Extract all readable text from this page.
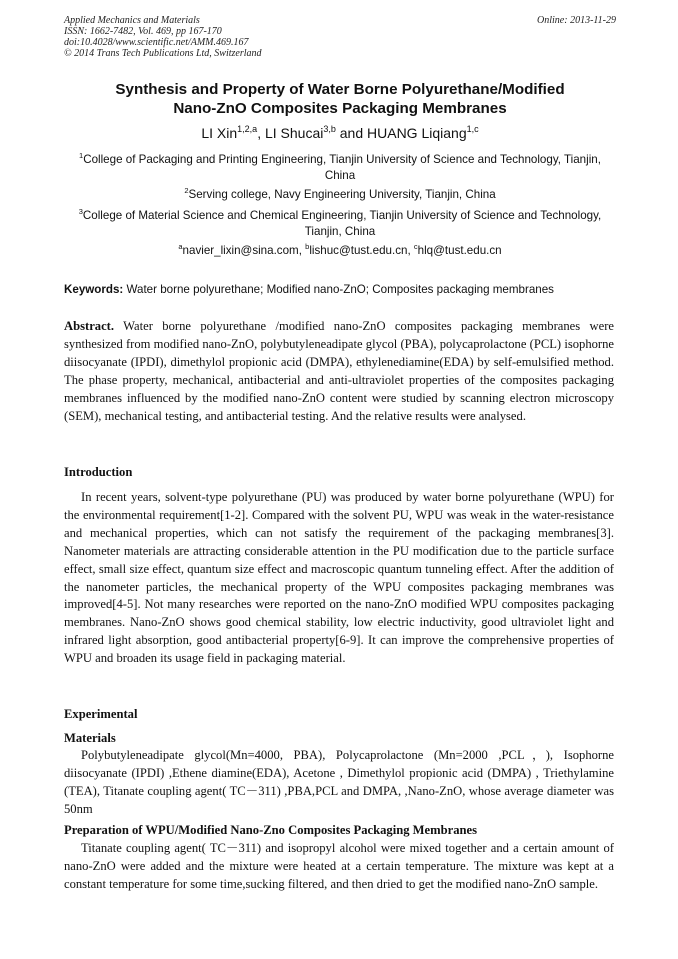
Applied Mechanics and Materials
ISSN: 1662-7482, Vol. 469, pp 167-170
doi:10.4028/www.scientific.net/AMM.469.167
© 2014 Trans Tech Publications Ltd, Switzerland
Online: 2013-11-29
Synthesis and Property of Water Borne Polyurethane/Modified
Nano-ZnO Composites Packaging Membranes
LI Xin$^{1,2,a}$, LI Shucai$^{3,b}$ and HUANG Liqiang$^{1,c}$
$^1$College of Packaging and Printing Engineering, Tianjin University of Science and Technology, Tianjin, China
$^2$Serving college, Navy Engineering University, Tianjin, China
$^3$College of Material Science and Chemical Engineering, Tianjin University of Science and Technology, Tianjin, China
$^a$navier_lixin@sina.com, $^b$lishuc@tust.edu.cn, $^c$hlq@tust.edu.cn
Keywords: Water borne polyurethane; Modified nano-ZnO; Composites packaging membranes
Abstract. Water borne polyurethane /modified nano-ZnO composites packaging membranes were synthesized from modified nano-ZnO, polybutyleneadipate glycol (PBA), polycaprolactone (PCL) isophorne diisocyanate (IPDI), dimethylol propionic acid (DMPA), ethylenediamine(EDA) by self-emulsified method. The phase property, mechanical, antibacterial and anti-ultraviolet properties of the composites packaging membranes influenced by the modified nano-ZnO content were studied by scanning electron microscopy (SEM), mechanical testing, and antibacterial testing. And the relative results were analysed.
Introduction
In recent years, solvent-type polyurethane (PU) was produced by water borne polyurethane (WPU) for the environmental requirement[1-2]. Compared with the solvent PU, WPU was weak in the water-resistance and mechanical properties, which can not satisfy the requirement of the packaging membranes[3]. Nanometer materials are attracting considerable attention in the PU modification due to the particle surface effect, small size effect, quantum size effect and macroscopic quantum tunneling effect. After the addition of the nanometer particles, the mechanical property of the WPU composites packaging membranes was improved[4-5]. Not many researches were reported on the nano-ZnO modified WPU composites packaging membranes. Nano-ZnO shows good chemical stability, low electric inductivity, good ultraviolet light and infrared light absorption, good antibacterial property[6-9]. It can improve the comprehensive properties of WPU and broaden its usage field in packaging material.
Experimental
Materials
Polybutyleneadipate glycol(Mn=4000, PBA), Polycaprolactone (Mn=2000 ,PCL，), Isophorne diisocyanate (IPDI) ,Ethene diamine(EDA), Acetone , Dimethylol propionic acid (DMPA) , Triethylamine (TEA), Titanate coupling agent( TC－311) ,PBA,PCL and DMPA, ,Nano-ZnO, whose average diameter was 50nm
Preparation of WPU/Modified Nano-Zno Composites Packaging Membranes
Titanate coupling agent( TC－311) and isopropyl alcohol were mixed together and a certain amount of nano-ZnO were added and the mixture were heated at a certain temperature. The mixture was kept at a constant temperature for some time,sucking filtered, and then dried to get the modified nano-ZnO sample.
